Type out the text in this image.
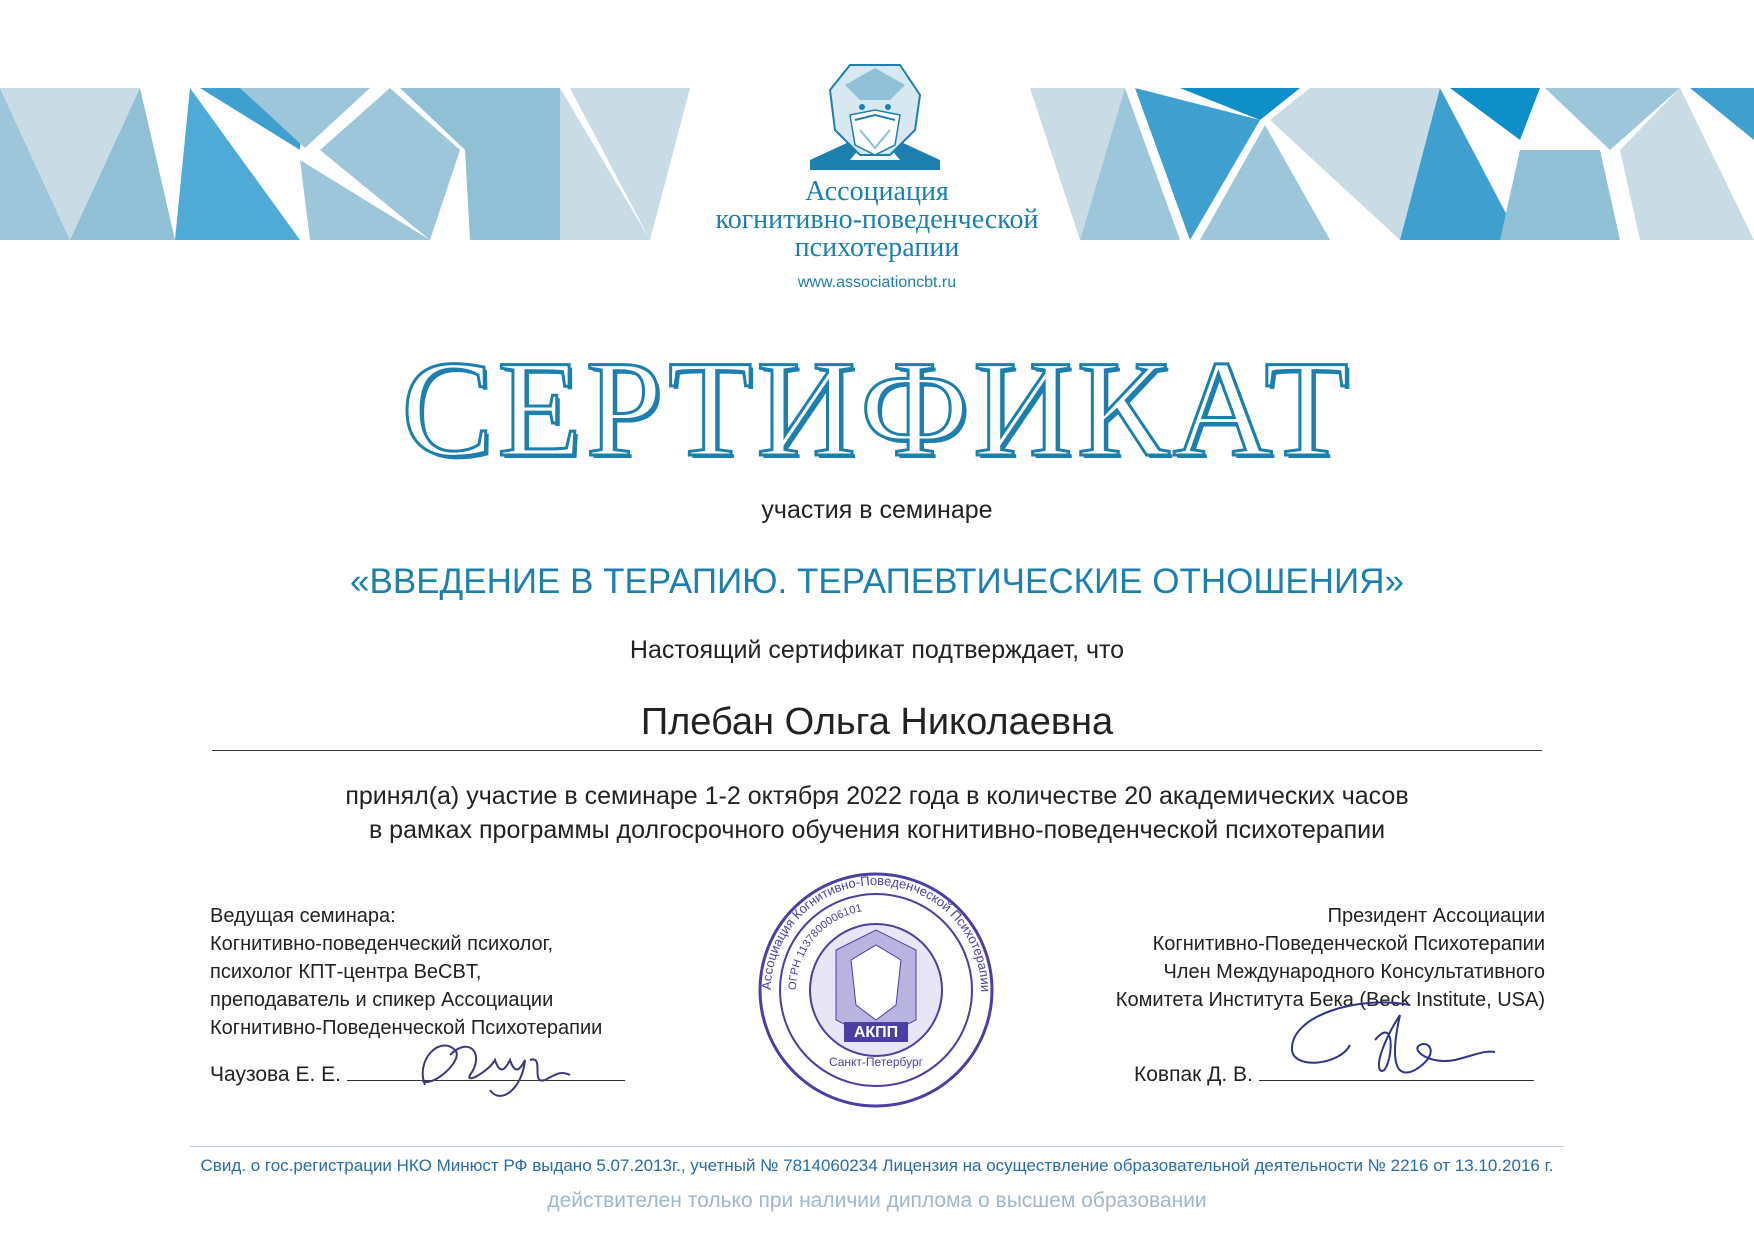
Ассоциация
когнитивно-поведенческой
психотерапии
www.associationcbt.ru
СЕРТИФИКАТ
участия в семинаре
«ВВЕДЕНИЕ В ТЕРАПИЮ. ТЕРАПЕВТИЧЕСКИЕ ОТНОШЕНИЯ»
Настоящий сертификат подтверждает, что
Плебан Ольга Николаевна
принял(а) участие в семинаре 1-2 октября 2022 года в количестве 20 академических часов
в рамках программы долгосрочного обучения когнитивно-поведенческой психотерапии
Ведущая семинара:
Когнитивно-поведенческий психолог,
психолог КПТ-центра BeCBT,
преподаватель и спикер Ассоциации
Когнитивно-Поведенческой Психотерапии
Чаузова Е. Е.
Президент Ассоциации
Когнитивно-Поведенческой Психотерапии
Член Международного Консультативного
Комитета Института Бека (Beck Institute, USA)
Ковпак Д. В.
Ассоциация Когнитивно-Поведенческой Психотерапии
ОГРН 1137800006101
АКПП
Санкт-Петербург
Свид. о гос.регистрации НКО Минюст РФ выдано 5.07.2013г., учетный № 7814060234 Лицензия на осуществление образовательной деятельности № 2216 от 13.10.2016 г.
действителен только при наличии диплома о высшем образовании
